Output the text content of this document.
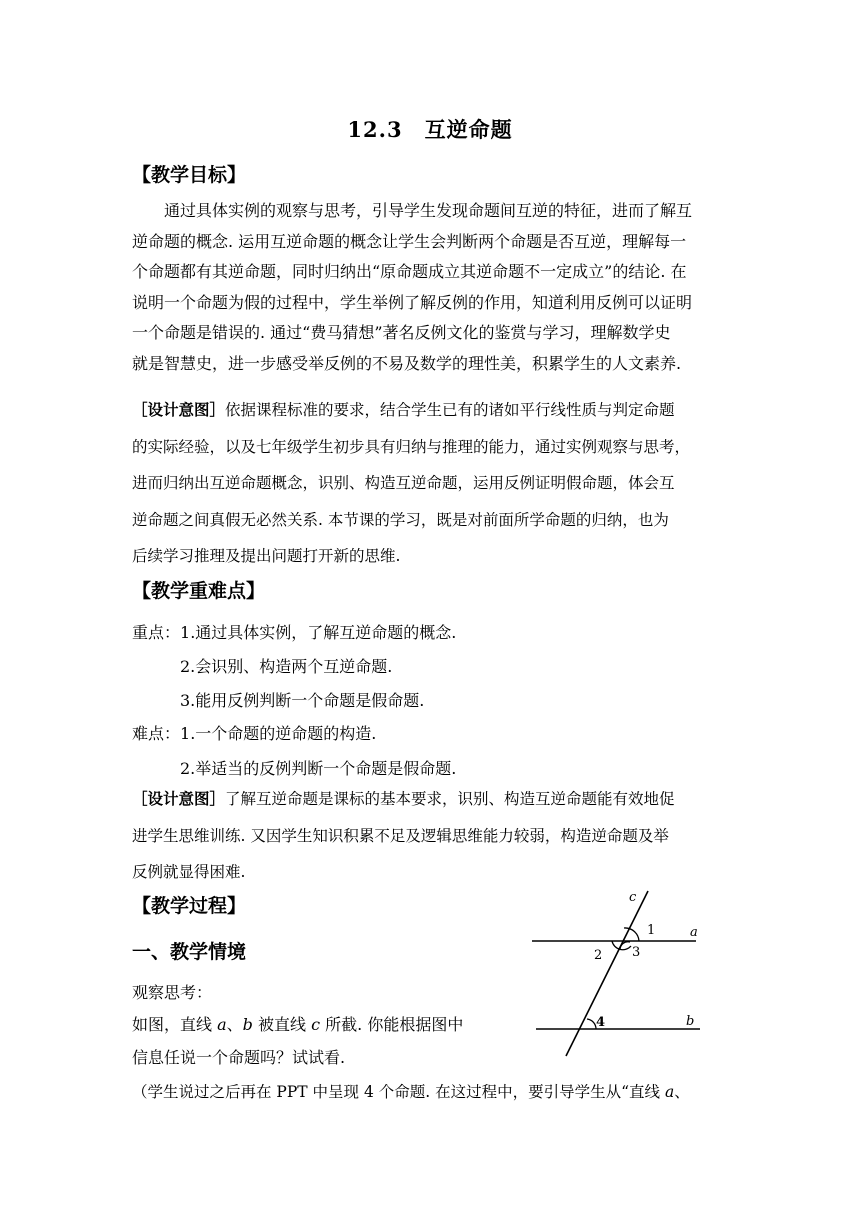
12.3　互逆命题
【教学目标】
　　通过具体实例的观察与思考，引导学生发现命题间互逆的特征，进而了解互
逆命题的概念. 运用互逆命题的概念让学生会判断两个命题是否互逆，理解每一
个命题都有其逆命题，同时归纳出“原命题成立其逆命题不一定成立”的结论. 在
说明一个命题为假的过程中，学生举例了解反例的作用，知道利用反例可以证明
一个命题是错误的. 通过“费马猜想”著名反例文化的鉴赏与学习，理解数学史
就是智慧史，进一步感受举反例的不易及数学的理性美，积累学生的人文素养.
［设计意图］依据课程标准的要求，结合学生已有的诸如平行线性质与判定命题
的实际经验，以及七年级学生初步具有归纳与推理的能力，通过实例观察与思考，
进而归纳出互逆命题概念，识别、构造互逆命题，运用反例证明假命题，体会互
逆命题之间真假无必然关系. 本节课的学习，既是对前面所学命题的归纳，也为
后续学习推理及提出问题打开新的思维.
【教学重难点】
重点：1.通过具体实例，了解互逆命题的概念.
2.会识别、构造两个互逆命题.
3.能用反例判断一个命题是假命题.
难点：1.一个命题的逆命题的构造.
2.举适当的反例判断一个命题是假命题.
［设计意图］了解互逆命题是课标的基本要求，识别、构造互逆命题能有效地促
进学生思维训练. 又因学生知识积累不足及逻辑思维能力较弱，构造逆命题及举
反例就显得困难.
【教学过程】
一、教学情境
观察思考：
如图，直线 a、b 被直线 c 所截. 你能根据图中
信息任说一个命题吗？试试看.
（学生说过之后再在 PPT 中呈现 4 个命题. 在这过程中，要引导学生从“直线 a、
c
a
b
1
2 3
4
